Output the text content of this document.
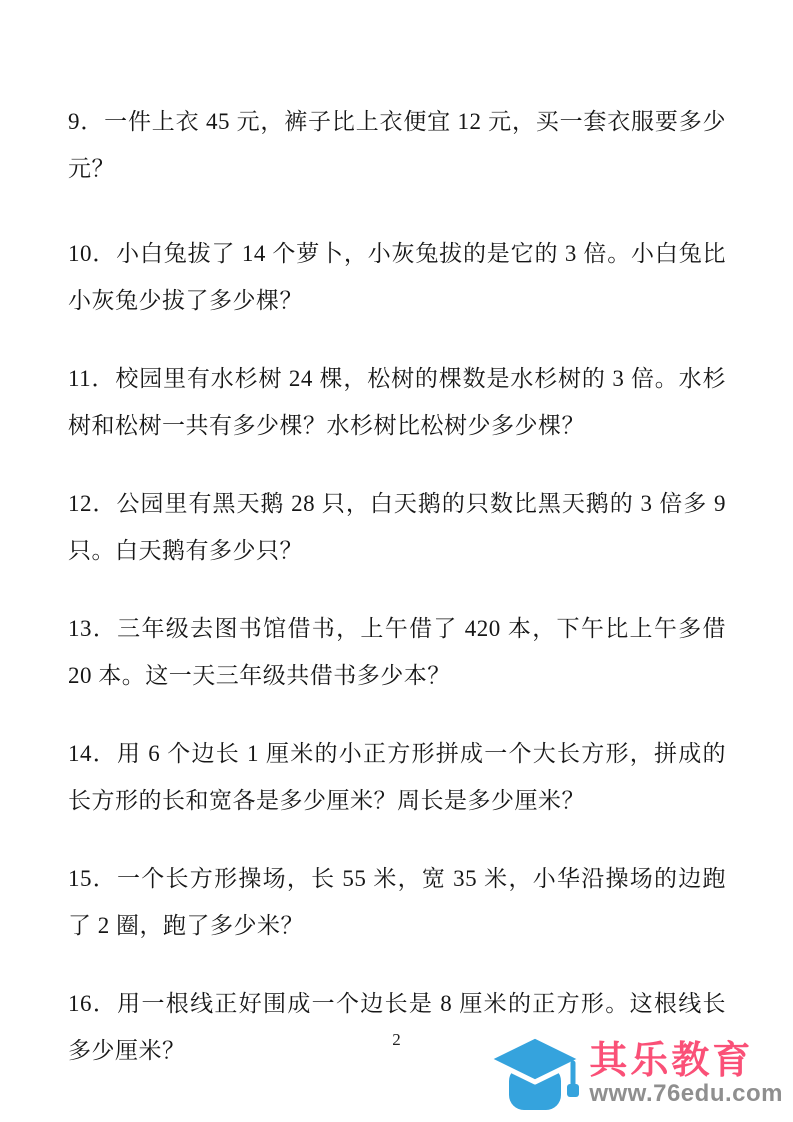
9．一件上衣 45 元，裤子比上衣便宜 12 元，买一套衣服要多少元？

10．小白兔拔了 14 个萝卜，小灰兔拔的是它的 3 倍。小白兔比小灰兔少拔了多少棵？

11．校园里有水杉树 24 棵，松树的棵数是水杉树的 3 倍。水杉树和松树一共有多少棵？水杉树比松树少多少棵？

12．公园里有黑天鹅 28 只，白天鹅的只数比黑天鹅的 3 倍多 9 只。白天鹅有多少只？

13．三年级去图书馆借书，上午借了 420 本，下午比上午多借 20 本。这一天三年级共借书多少本？

14．用 6 个边长 1 厘米的小正方形拼成一个大长方形，拼成的长方形的长和宽各是多少厘米？周长是多少厘米？

15．一个长方形操场，长 55 米，宽 35 米，小华沿操场的边跑了 2 圈，跑了多少米？

16．用一根线正好围成一个边长是 8 厘米的正方形。这根线长多少厘米？	2
其乐教育
www.76edu.com
